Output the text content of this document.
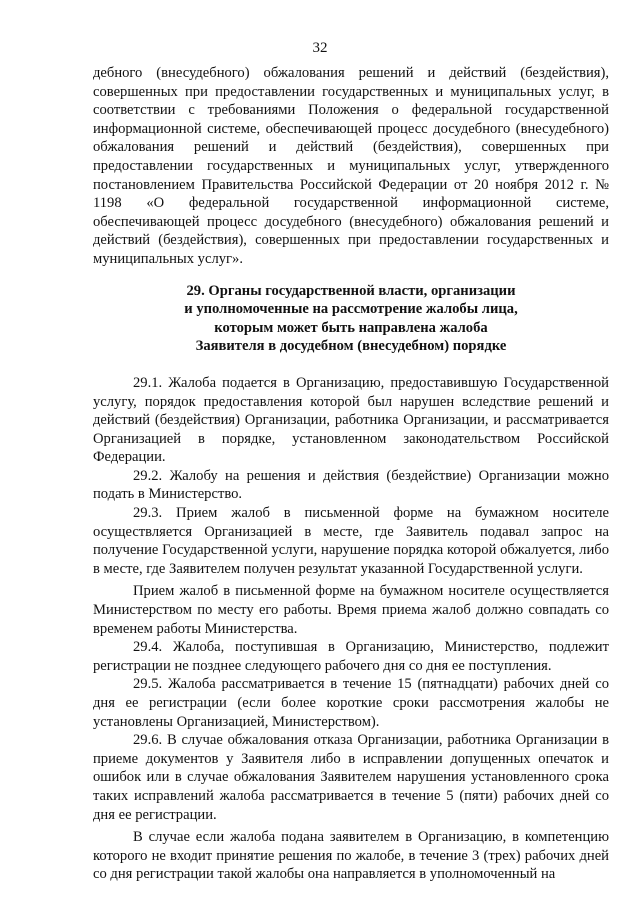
32

дебного (внесудебного) обжалования решений и действий (бездействия), совершенных при предоставлении государственных и муниципальных услуг, в соответствии с требованиями Положения о федеральной государственной информационной системе, обеспечивающей процесс досудебного (внесудебного) обжалования решений и действий (бездействия), совершенных при предоставлении государственных и муниципальных услуг, утвержденного постановлением Правительства Российской Федерации от 20 ноября 2012 г. № 1198 «О федеральной государственной информационной системе, обеспечивающей процесс досудебного (внесудебного) обжалования решений и действий (бездействия), совершенных при предоставлении государственных и муниципальных услуг».

29. Органы государственной власти, организации
и уполномоченные на рассмотрение жалобы лица,
которым может быть направлена жалоба
Заявителя в досудебном (внесудебном) порядке

29.1. Жалоба подается в Организацию, предоставившую Государственной услугу, порядок предоставления которой был нарушен вследствие решений и действий (бездействия) Организации, работника Организации, и рассматривается Организацией в порядке, установленном законодательством Российской Федерации.

29.2. Жалобу на решения и действия (бездействие) Организации можно подать в Министерство.

29.3. Прием жалоб в письменной форме на бумажном носителе осуществляется Организацией в месте, где Заявитель подавал запрос на получение Государственной услуги, нарушение порядка которой обжалуется, либо в месте, где Заявителем получен результат указанной Государственной услуги.

Прием жалоб в письменной форме на бумажном носителе осуществляется Министерством по месту его работы. Время приема жалоб должно совпадать со временем работы Министерства.

29.4. Жалоба, поступившая в Организацию, Министерство, подлежит регистрации не позднее следующего рабочего дня со дня ее поступления.

29.5. Жалоба рассматривается в течение 15 (пятнадцати) рабочих дней со дня ее регистрации (если более короткие сроки рассмотрения жалобы не установлены Организацией, Министерством).

29.6. В случае обжалования отказа Организации, работника Организации в приеме документов у Заявителя либо в исправлении допущенных опечаток и ошибок или в случае обжалования Заявителем нарушения установленного срока таких исправлений жалоба рассматривается в течение 5 (пяти) рабочих дней со дня ее регистрации.

В случае если жалоба подана заявителем в Организацию, в компетенцию которого не входит принятие решения по жалобе, в течение 3 (трех) рабочих дней со дня регистрации такой жалобы она направляется в уполномоченный на
